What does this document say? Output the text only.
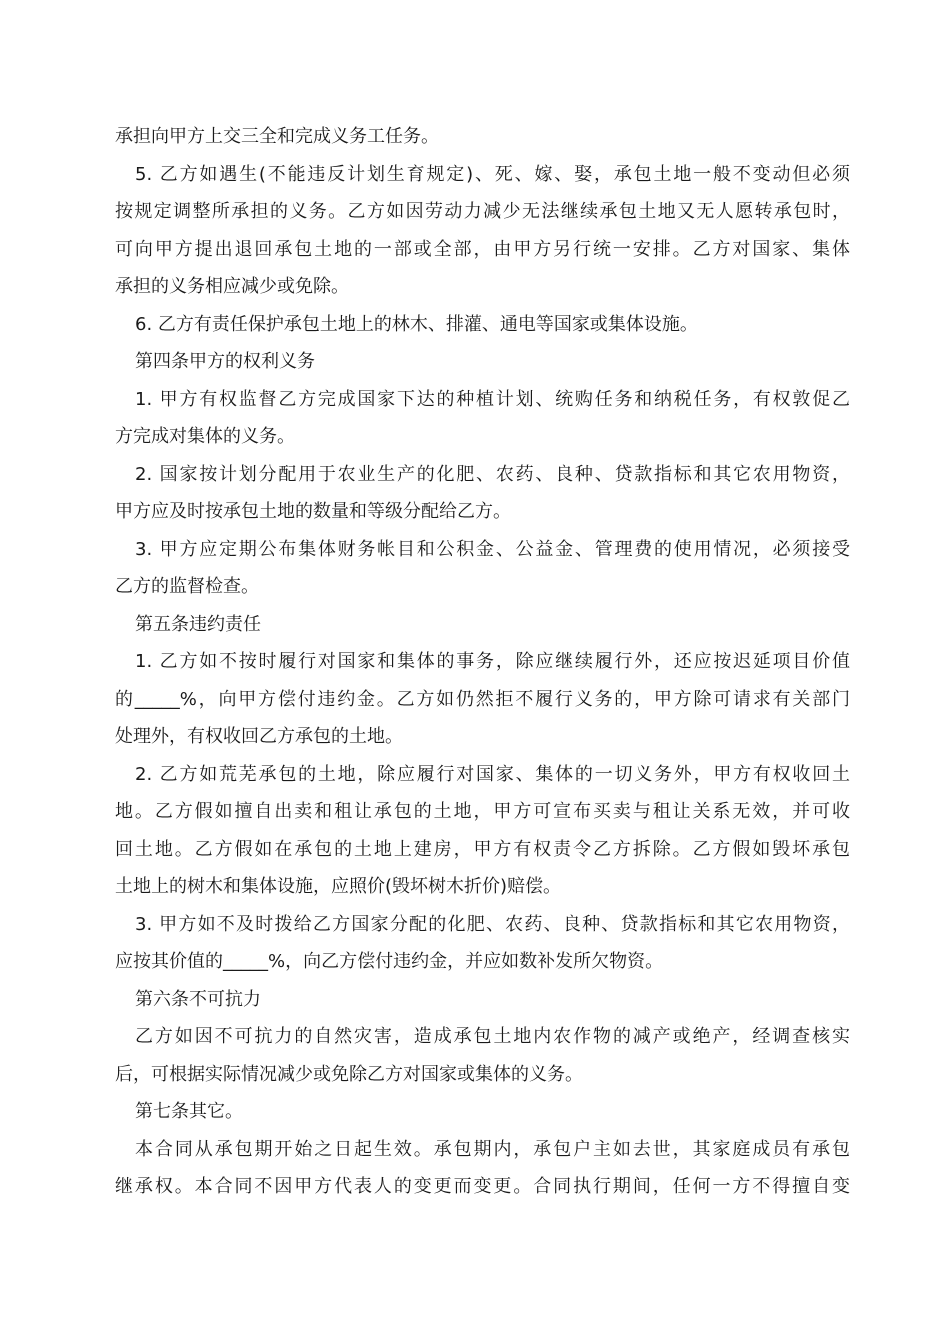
承担向甲方上交三全和完成义务工任务。
5. 乙方如遇生(不能违反计划生育规定)、死、嫁、娶，承包土地一般不变动但必须
按规定调整所承担的义务。乙方如因劳动力减少无法继续承包土地又无人愿转承包时，
可向甲方提出退回承包土地的一部或全部，由甲方另行统一安排。乙方对国家、集体
承担的义务相应减少或免除。
6. 乙方有责任保护承包土地上的林木、排灌、通电等国家或集体设施。
第四条甲方的权利义务
1. 甲方有权监督乙方完成国家下达的种植计划、统购任务和纳税任务，有权敦促乙
方完成对集体的义务。
2. 国家按计划分配用于农业生产的化肥、农药、良种、贷款指标和其它农用物资，
甲方应及时按承包土地的数量和等级分配给乙方。
3. 甲方应定期公布集体财务帐目和公积金、公益金、管理费的使用情况，必须接受
乙方的监督检查。
第五条违约责任
1. 乙方如不按时履行对国家和集体的事务，除应继续履行外，还应按迟延项目价值
的_____%，向甲方偿付违约金。乙方如仍然拒不履行义务的，甲方除可请求有关部门
处理外，有权收回乙方承包的土地。
2. 乙方如荒芜承包的土地，除应履行对国家、集体的一切义务外，甲方有权收回土
地。乙方假如擅自出卖和租让承包的土地，甲方可宣布买卖与租让关系无效，并可收
回土地。乙方假如在承包的土地上建房，甲方有权责令乙方拆除。乙方假如毁坏承包
土地上的树木和集体设施，应照价(毁坏树木折价)赔偿。
3. 甲方如不及时拨给乙方国家分配的化肥、农药、良种、贷款指标和其它农用物资，
应按其价值的_____%，向乙方偿付违约金，并应如数补发所欠物资。
第六条不可抗力
乙方如因不可抗力的自然灾害，造成承包土地内农作物的减产或绝产，经调查核实
后，可根据实际情况减少或免除乙方对国家或集体的义务。
第七条其它。
本合同从承包期开始之日起生效。承包期内，承包户主如去世，其家庭成员有承包
继承权。本合同不因甲方代表人的变更而变更。合同执行期间，任何一方不得擅自变
